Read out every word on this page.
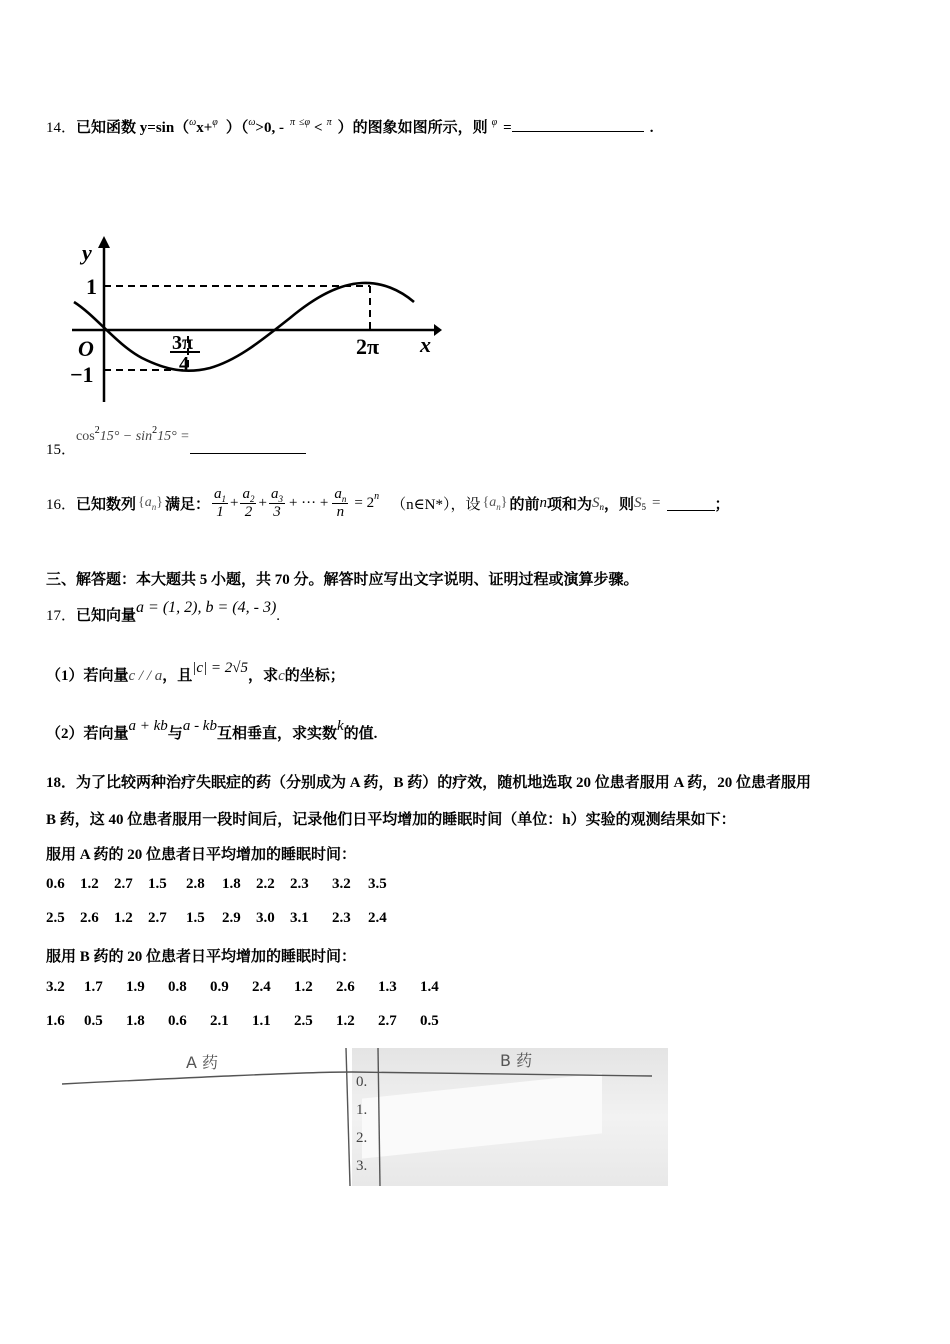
14．已知函数 y=sin（$^\omega$x+$^\varphi$ ）（$^\omega$>0, - $^\pi$ $^{\le\varphi}$ < $^\pi$ ）的图象如图所示，则 $^\varphi$ =	.
y
x
O
1
−1
3π
4
2π
15．$\cos^215^\circ - \sin^215^\circ$ =
16． 已知数列 $\{a_n\}$ 满足： $\frac{a_1}{1} + \frac{a_2}{2} + \frac{a_3}{3}$ + ··· + $\frac{a_n}{n} = 2$ n
（n∈N*），设 $\{a_n\}$ 的前 n 项和为 S n ，则 S 5 =	；
三、解答题：本大题共 5 小题，共 70 分。解答时应写出文字说明、证明过程或演算步骤。
17．已知向量a = (1, 2), b = (4, - 3).
（1）若向量c / / a，且|c| = 2√5，求c的坐标；
（2）若向量a + kb与a - kb互相垂直，求实数k的值.
18．为了比较两种治疗失眠症的药（分别成为 A 药，B 药）的疗效，随机地选取 20 位患者服用 A 药，20 位患者服用
B 药，这 40 位患者服用一段时间后，记录他们日平均增加的睡眠时间（单位：h）实验的观测结果如下：
服用 A 药的 20 位患者日平均增加的睡眠时间：
0.6 1.2 2.7 1.5 2.8 1.8 2.2 2.3 3.2 3.5
2.5 2.6 1.2 2.7 1.5 2.9 3.0 3.1 2.3 2.4
服用 B 药的 20 位患者日平均增加的睡眠时间：
3.2 1.7 1.9 0.8 0.9 2.4 1.2 2.6 1.3 1.4
1.6 0.5 1.8 0.6 2.1 1.1 2.5 1.2 2.7 0.5
A 药	B 药
0.
1.
2.
3.
